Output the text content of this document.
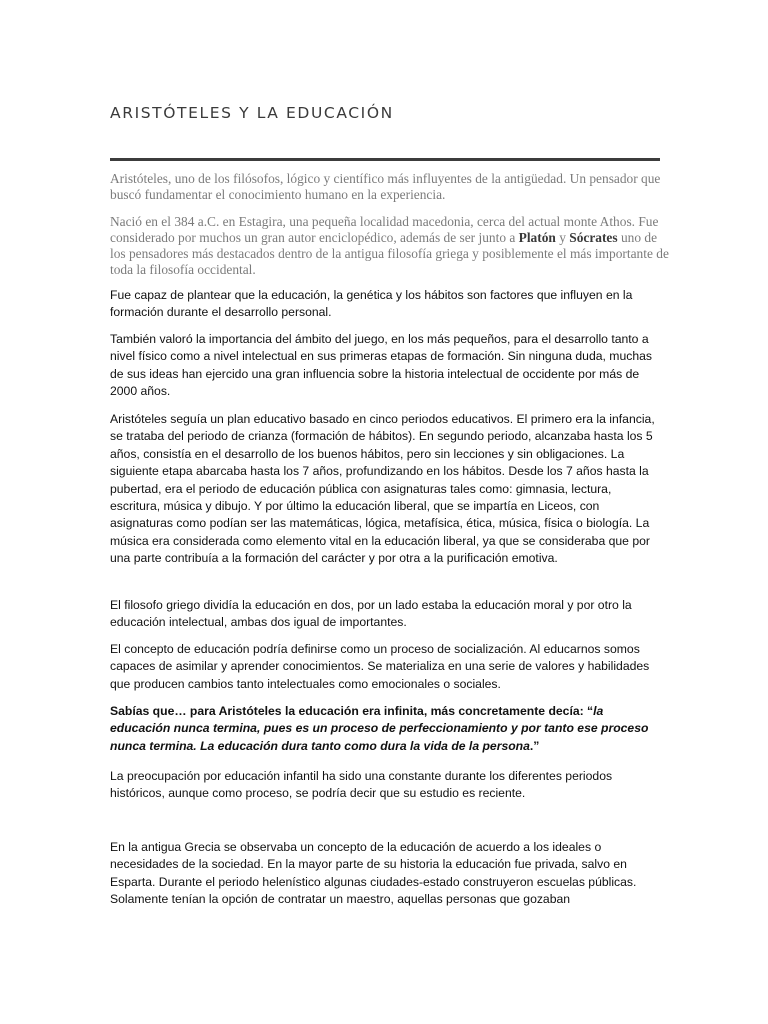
ARISTÓTELES Y LA EDUCACIÓN

Aristóteles, uno de los filósofos, lógico y científico más influyentes de la antigüedad. Un pensador que buscó fundamentar el conocimiento humano en la experiencia.

Nació en el 384 a.C. en Estagira, una pequeña localidad macedonia, cerca del actual monte Athos. Fue considerado por muchos un gran autor enciclopédico, además de ser junto a Platón y Sócrates uno de los pensadores más destacados dentro de la antigua filosofía griega y posiblemente el más importante de toda la filosofía occidental.

Fue capaz de plantear que la educación, la genética y los hábitos son factores que influyen en la formación durante el desarrollo personal.

También valoró la importancia del ámbito del juego, en los más pequeños, para el desarrollo tanto a nivel físico como a nivel intelectual en sus primeras etapas de formación. Sin ninguna duda, muchas de sus ideas han ejercido una gran influencia sobre la historia intelectual de occidente por más de 2000 años.

Aristóteles seguía un plan educativo basado en cinco periodos educativos. El primero era la infancia, se trataba del periodo de crianza (formación de hábitos). En segundo periodo, alcanzaba hasta los 5 años, consistía en el desarrollo de los buenos hábitos, pero sin lecciones y sin obligaciones. La siguiente etapa abarcaba hasta los 7 años, profundizando en los hábitos. Desde los 7 años hasta la pubertad, era el periodo de educación pública con asignaturas tales como: gimnasia, lectura, escritura, música y dibujo. Y por último la educación liberal, que se impartía en Liceos, con asignaturas como podían ser las matemáticas, lógica, metafísica, ética, música, física o biología. La música era considerada como elemento vital en la educación liberal, ya que se consideraba que por una parte contribuía a la formación del carácter y por otra a la purificación emotiva.

El filosofo griego dividía la educación en dos, por un lado estaba la educación moral y por otro la educación intelectual, ambas dos igual de importantes.

El concepto de educación podría definirse como un proceso de socialización. Al educarnos somos capaces de asimilar y aprender conocimientos. Se materializa en una serie de valores y habilidades que producen cambios tanto intelectuales como emocionales o sociales.

Sabías que… para Aristóteles la educación era infinita, más concretamente decía: “la educación nunca termina, pues es un proceso de perfeccionamiento y por tanto ese proceso nunca termina. La educación dura tanto como dura la vida de la persona.”

La preocupación por educación infantil ha sido una constante durante los diferentes periodos históricos, aunque como proceso, se podría decir que su estudio es reciente.

En la antigua Grecia se observaba un concepto de la educación de acuerdo a los ideales o necesidades de la sociedad. En la mayor parte de su historia la educación fue privada, salvo en Esparta. Durante el periodo helenístico algunas ciudades-estado construyeron escuelas públicas. Solamente tenían la opción de contratar un maestro, aquellas personas que gozaban
